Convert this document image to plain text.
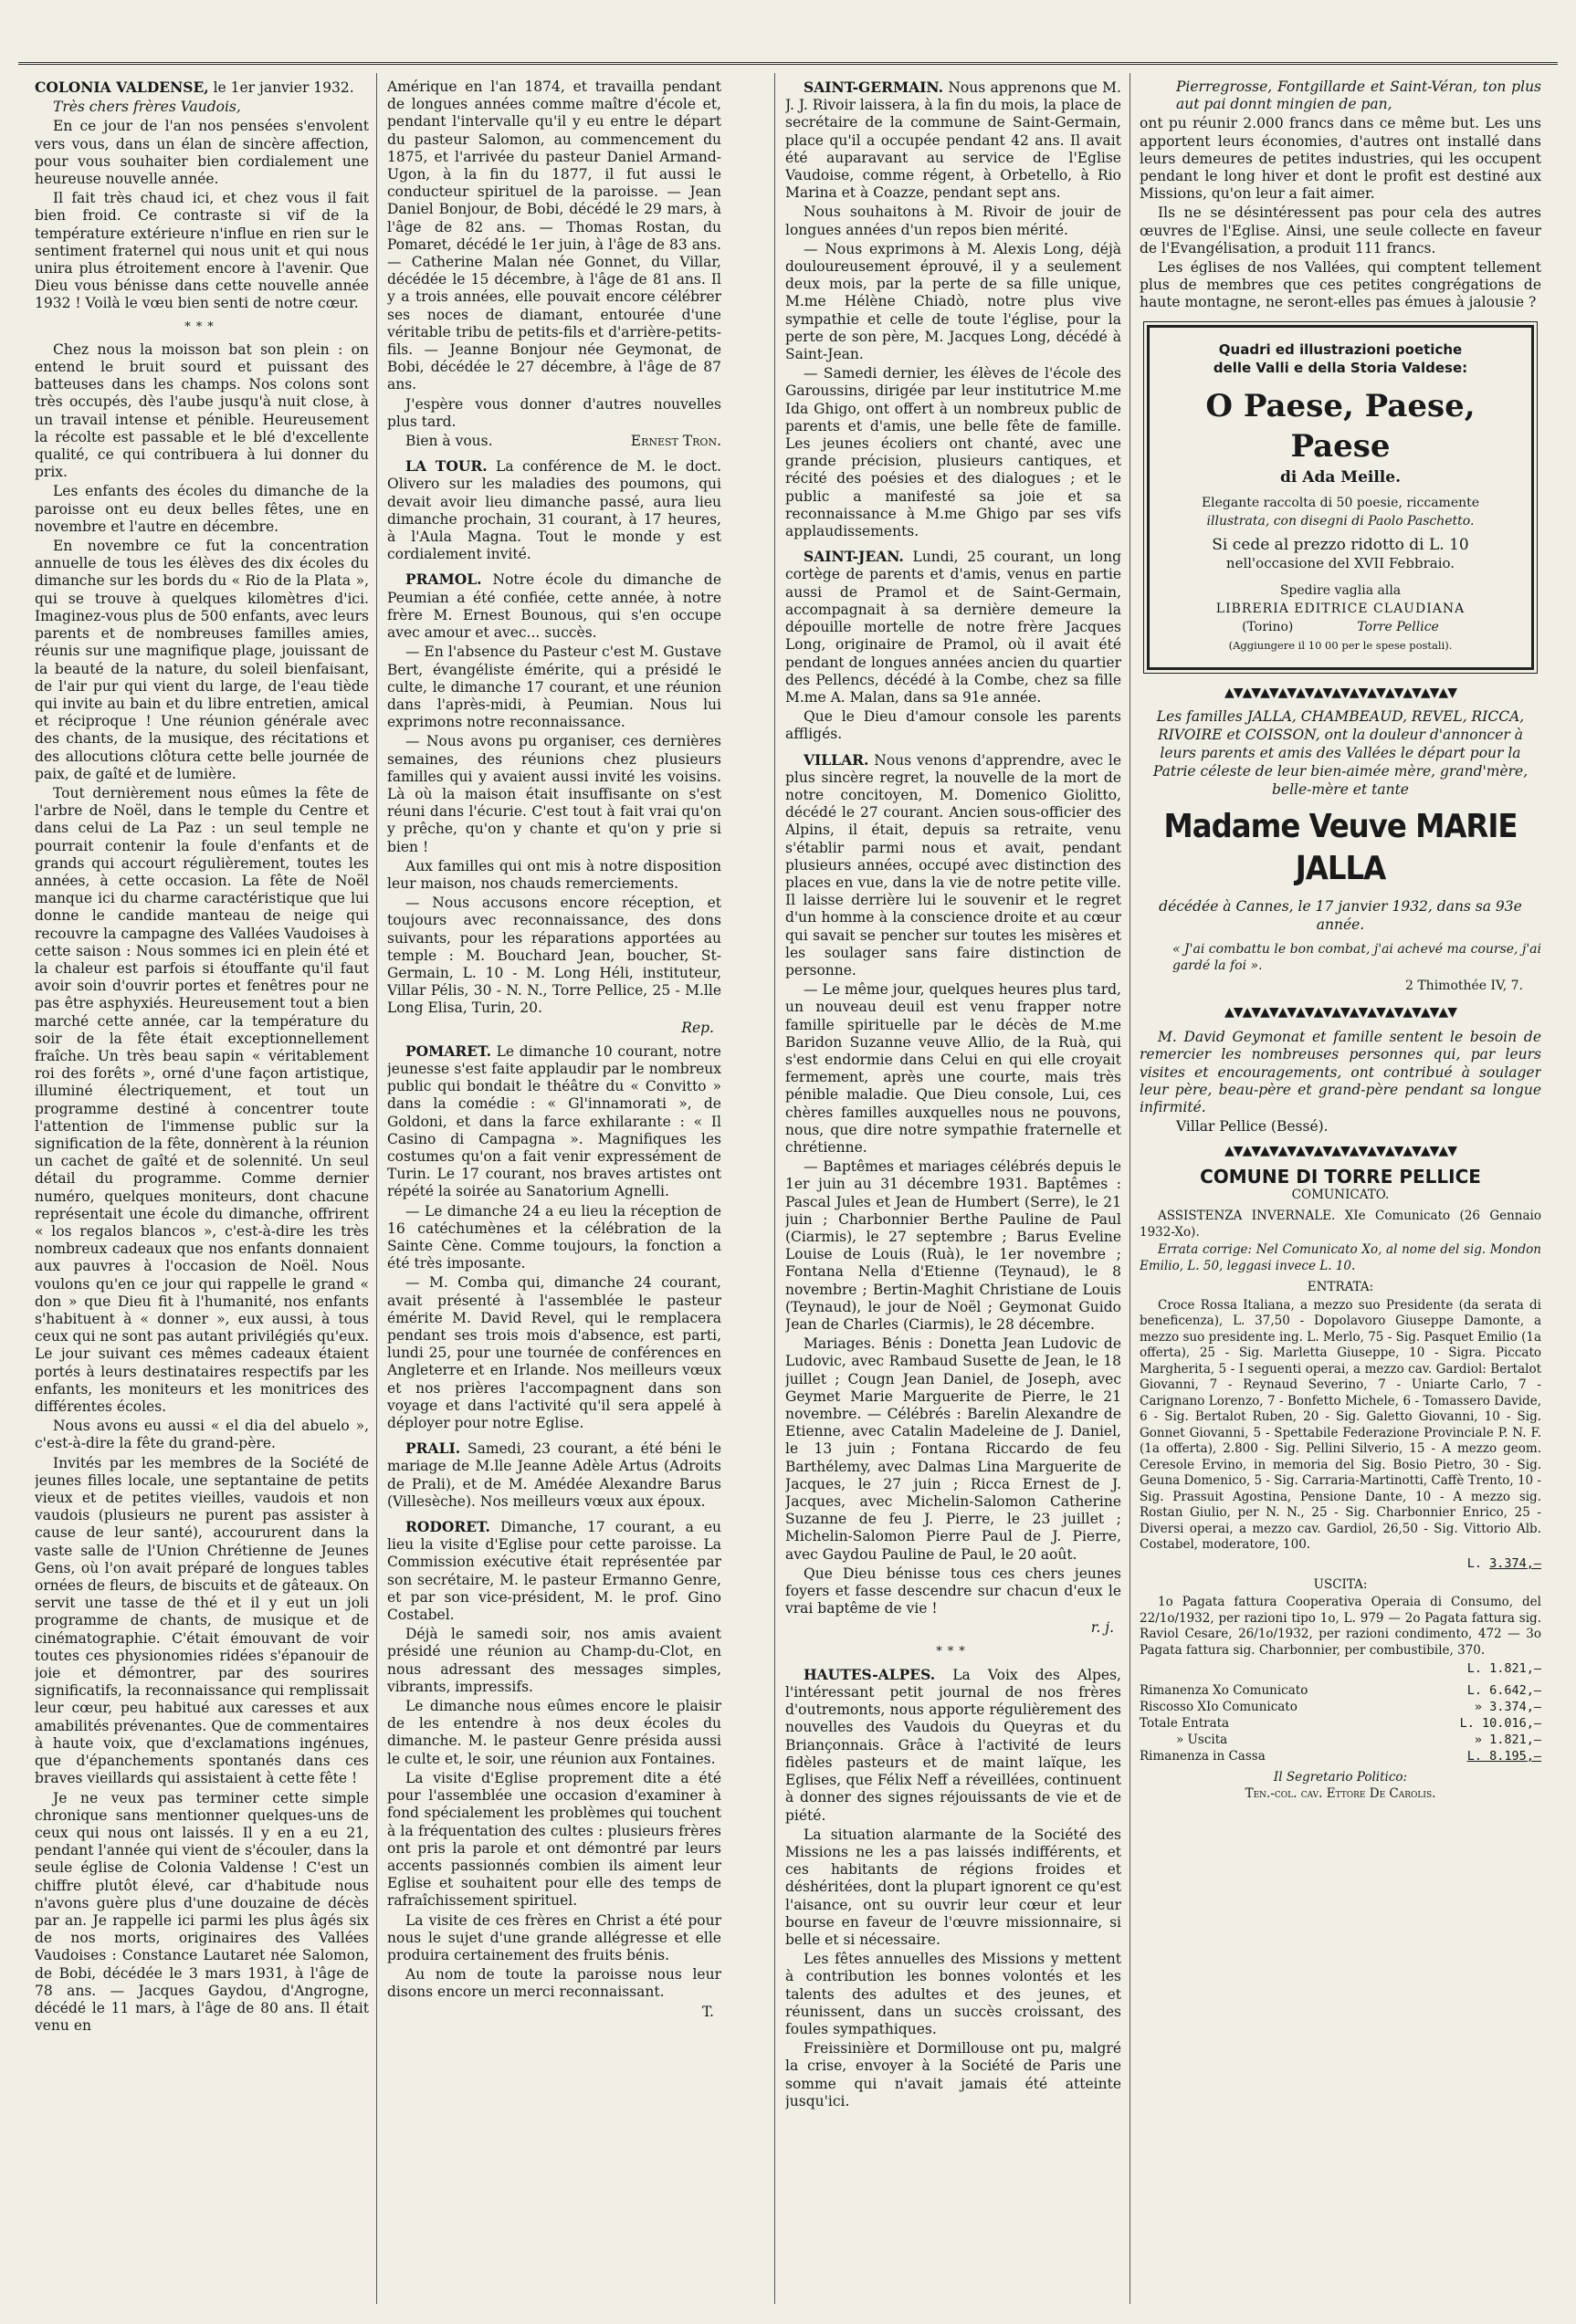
COLONIA VALDENSE, le 1er janvier 1932.

Très chers frères Vaudois,

En ce jour de l'an nos pensées s'envolent vers vous, dans un élan de sincère affection, pour vous souhaiter bien cordialement une heureuse nouvelle année.

Il fait très chaud ici, et chez vous il fait bien froid. Ce contraste si vif de la température extérieure n'influe en rien sur le sentiment fraternel qui nous unit et qui nous unira plus étroitement encore à l'avenir. Que Dieu vous bénisse dans cette nouvelle année 1932 ! Voilà le vœu bien senti de notre cœur.

***

Chez nous la moisson bat son plein : on entend le bruit sourd et puissant des batteuses dans les champs. Nos colons sont très occupés, dès l'aube jusqu'à nuit close, à un travail intense et pénible. Heureusement la récolte est passable et le blé d'excellente qualité, ce qui contribuera à lui donner du prix.

Les enfants des écoles du dimanche de la paroisse ont eu deux belles fêtes, une en novembre et l'autre en décembre.

En novembre ce fut la concentration annuelle de tous les élèves des dix écoles du dimanche sur les bords du « Rio de la Plata », qui se trouve à quelques kilomètres d'ici. Imaginez-vous plus de 500 enfants, avec leurs parents et de nombreuses familles amies, réunis sur une magnifique plage, jouissant de la beauté de la nature, du soleil bienfaisant, de l'air pur qui vient du large, de l'eau tiède qui invite au bain et du libre entretien, amical et réciproque ! Une réunion générale avec des chants, de la musique, des récitations et des allocutions clôtura cette belle journée de paix, de gaîté et de lumière.

Tout dernièrement nous eûmes la fête de l'arbre de Noël, dans le temple du Centre et dans celui de La Paz : un seul temple ne pourrait contenir la foule d'enfants et de grands qui accourt régulièrement, toutes les années, à cette occasion. La fête de Noël manque ici du charme caractéristique que lui donne le candide manteau de neige qui recouvre la campagne des Vallées Vaudoises à cette saison : Nous sommes ici en plein été et la chaleur est parfois si étouffante qu'il faut avoir soin d'ouvrir portes et fenêtres pour ne pas être asphyxiés. Heureusement tout a bien marché cette année, car la température du soir de la fête était exceptionnellement fraîche. Un très beau sapin « véritablement roi des forêts », orné d'une façon artistique, illuminé électriquement, et tout un programme destiné à concentrer toute l'attention de l'immense public sur la signification de la fête, donnèrent à la réunion un cachet de gaîté et de solennité. Un seul détail du programme. Comme dernier numéro, quelques moniteurs, dont chacune représentait une école du dimanche, offrirent « los regalos blancos », c'est-à-dire les très nombreux cadeaux que nos enfants donnaient aux pauvres à l'occasion de Noël. Nous voulons qu'en ce jour qui rappelle le grand « don » que Dieu fit à l'humanité, nos enfants s'habituent à « donner », eux aussi, à tous ceux qui ne sont pas autant privilégiés qu'eux. Le jour suivant ces mêmes cadeaux étaient portés à leurs destinataires respectifs par les enfants, les moniteurs et les monitrices des différentes écoles.

Nous avons eu aussi « el dia del abuelo », c'est-à-dire la fête du grand-père.

Invités par les membres de la Société de jeunes filles locale, une septantaine de petits vieux et de petites vieilles, vaudois et non vaudois (plusieurs ne purent pas assister à cause de leur santé), accoururent dans la vaste salle de l'Union Chrétienne de Jeunes Gens, où l'on avait préparé de longues tables ornées de fleurs, de biscuits et de gâteaux. On servit une tasse de thé et il y eut un joli programme de chants, de musique et de cinématographie. C'était émouvant de voir toutes ces physionomies ridées s'épanouir de joie et démontrer, par des sourires significatifs, la reconnaissance qui remplissait leur cœur, peu habitué aux caresses et aux amabilités prévenantes. Que de commentaires à haute voix, que d'exclamations ingénues, que d'épanchements spontanés dans ces braves vieillards qui assistaient à cette fête !

Je ne veux pas terminer cette simple chronique sans mentionner quelques-uns de ceux qui nous ont laissés. Il y en a eu 21, pendant l'année qui vient de s'écouler, dans la seule église de Colonia Valdense ! C'est un chiffre plutôt élevé, car d'habitude nous n'avons guère plus d'une douzaine de décès par an. Je rappelle ici parmi les plus âgés six de nos morts, originaires des Vallées Vaudoises : Constance Lautaret née Salomon, de Bobi, décédée le 3 mars 1931, à l'âge de 78 ans. — Jacques Gaydou, d'Angrogne, décédé le 11 mars, à l'âge de 80 ans. Il était venu en

Amérique en l'an 1874, et travailla pendant de longues années comme maître d'école et, pendant l'intervalle qu'il y eu entre le départ du pasteur Salomon, au commencement du 1875, et l'arrivée du pasteur Daniel Armand-Ugon, à la fin du 1877, il fut aussi le conducteur spirituel de la paroisse. — Jean Daniel Bonjour, de Bobi, décédé le 29 mars, à l'âge de 82 ans. — Thomas Rostan, du Pomaret, décédé le 1er juin, à l'âge de 83 ans. — Catherine Malan née Gonnet, du Villar, décédée le 15 décembre, à l'âge de 81 ans. Il y a trois années, elle pouvait encore célébrer ses noces de diamant, entourée d'une véritable tribu de petits-fils et d'arrière-petits-fils. — Jeanne Bonjour née Geymonat, de Bobi, décédée le 27 décembre, à l'âge de 87 ans.

J'espère vous donner d'autres nouvelles plus tard.

Bien à vous.	Ernest Tron.

LA TOUR. La conférence de M. le doct. Olivero sur les maladies des poumons, qui devait avoir lieu dimanche passé, aura lieu dimanche prochain, 31 courant, à 17 heures, à l'Aula Magna. Tout le monde y est cordialement invité.

PRAMOL. Notre école du dimanche de Peumian a été confiée, cette année, à notre frère M. Ernest Bounous, qui s'en occupe avec amour et avec... succès.

— En l'absence du Pasteur c'est M. Gustave Bert, évangéliste émérite, qui a présidé le culte, le dimanche 17 courant, et une réunion dans l'après-midi, à Peumian. Nous lui exprimons notre reconnaissance.

— Nous avons pu organiser, ces dernières semaines, des réunions chez plusieurs familles qui y avaient aussi invité les voisins. Là où la maison était insuffisante on s'est réuni dans l'écurie. C'est tout à fait vrai qu'on y prêche, qu'on y chante et qu'on y prie si bien !

Aux familles qui ont mis à notre disposition leur maison, nos chauds remerciements.

— Nous accusons encore réception, et toujours avec reconnaissance, des dons suivants, pour les réparations apportées au temple : M. Bouchard Jean, boucher, St-Germain, L. 10 - M. Long Héli, instituteur, Villar Pélis, 30 - N. N., Torre Pellice, 25 - M.lle Long Elisa, Turin, 20.

Rep.

POMARET. Le dimanche 10 courant, notre jeunesse s'est faite applaudir par le nombreux public qui bondait le théâtre du « Convitto » dans la comédie : « Gl'innamorati », de Goldoni, et dans la farce exhilarante : « Il Casino di Campagna ». Magnifiques les costumes qu'on a fait venir expressément de Turin. Le 17 courant, nos braves artistes ont répété la soirée au Sanatorium Agnelli.

— Le dimanche 24 a eu lieu la réception de 16 catéchumènes et la célébration de la Sainte Cène. Comme toujours, la fonction a été très imposante.

— M. Comba qui, dimanche 24 courant, avait présenté à l'assemblée le pasteur émérite M. David Revel, qui le remplacera pendant ses trois mois d'absence, est parti, lundi 25, pour une tournée de conférences en Angleterre et en Irlande. Nos meilleurs vœux et nos prières l'accompagnent dans son voyage et dans l'activité qu'il sera appelé à déployer pour notre Eglise.

PRALI. Samedi, 23 courant, a été béni le mariage de M.lle Jeanne Adèle Artus (Adroits de Prali), et de M. Amédée Alexandre Barus (Villesèche). Nos meilleurs vœux aux époux.

RODORET. Dimanche, 17 courant, a eu lieu la visite d'Eglise pour cette paroisse. La Commission exécutive était représentée par son secrétaire, M. le pasteur Ermanno Genre, et par son vice-président, M. le prof. Gino Costabel.

Déjà le samedi soir, nos amis avaient présidé une réunion au Champ-du-Clot, en nous adressant des messages simples, vibrants, impressifs.

Le dimanche nous eûmes encore le plaisir de les entendre à nos deux écoles du dimanche. M. le pasteur Genre présida aussi le culte et, le soir, une réunion aux Fontaines.

La visite d'Eglise proprement dite a été pour l'assemblée une occasion d'examiner à fond spécialement les problèmes qui touchent à la fréquentation des cultes : plusieurs frères ont pris la parole et ont démontré par leurs accents passionnés combien ils aiment leur Eglise et souhaitent pour elle des temps de rafraîchissement spirituel.

La visite de ces frères en Christ a été pour nous le sujet d'une grande allégresse et elle produira certainement des fruits bénis.

Au nom de toute la paroisse nous leur disons encore un merci reconnaissant.

T.

SAINT-GERMAIN. Nous apprenons que M. J. J. Rivoir laissera, à la fin du mois, la place de secrétaire de la commune de Saint-Germain, place qu'il a occupée pendant 42 ans. Il avait été auparavant au service de l'Eglise Vaudoise, comme régent, à Orbetello, à Rio Marina et à Coazze, pendant sept ans.

Nous souhaitons à M. Rivoir de jouir de longues années d'un repos bien mérité.

— Nous exprimons à M. Alexis Long, déjà douloureusement éprouvé, il y a seulement deux mois, par la perte de sa fille unique, M.me Hélène Chiadò, notre plus vive sympathie et celle de toute l'église, pour la perte de son père, M. Jacques Long, décédé à Saint-Jean.

— Samedi dernier, les élèves de l'école des Garoussins, dirigée par leur institutrice M.me Ida Ghigo, ont offert à un nombreux public de parents et d'amis, une belle fête de famille. Les jeunes écoliers ont chanté, avec une grande précision, plusieurs cantiques, et récité des poésies et des dialogues ; et le public a manifesté sa joie et sa reconnaissance à M.me Ghigo par ses vifs applaudissements.

SAINT-JEAN. Lundi, 25 courant, un long cortège de parents et d'amis, venus en partie aussi de Pramol et de Saint-Germain, accompagnait à sa dernière demeure la dépouille mortelle de notre frère Jacques Long, originaire de Pramol, où il avait été pendant de longues années ancien du quartier des Pellencs, décédé à la Combe, chez sa fille M.me A. Malan, dans sa 91e année.

Que le Dieu d'amour console les parents affligés.

VILLAR. Nous venons d'apprendre, avec le plus sincère regret, la nouvelle de la mort de notre concitoyen, M. Domenico Giolitto, décédé le 27 courant. Ancien sous-officier des Alpins, il était, depuis sa retraite, venu s'établir parmi nous et avait, pendant plusieurs années, occupé avec distinction des places en vue, dans la vie de notre petite ville. Il laisse derrière lui le souvenir et le regret d'un homme à la conscience droite et au cœur qui savait se pencher sur toutes les misères et les soulager sans faire distinction de personne.

— Le même jour, quelques heures plus tard, un nouveau deuil est venu frapper notre famille spirituelle par le décès de M.me Baridon Suzanne veuve Allio, de la Ruà, qui s'est endormie dans Celui en qui elle croyait fermement, après une courte, mais très pénible maladie. Que Dieu console, Lui, ces chères familles auxquelles nous ne pouvons, nous, que dire notre sympathie fraternelle et chrétienne.

— Baptêmes et mariages célébrés depuis le 1er juin au 31 décembre 1931. Baptêmes : Pascal Jules et Jean de Humbert (Serre), le 21 juin ; Charbonnier Berthe Pauline de Paul (Ciarmis), le 27 septembre ; Barus Eveline Louise de Louis (Ruà), le 1er novembre ; Fontana Nella d'Etienne (Teynaud), le 8 novembre ; Bertin-Maghit Christiane de Louis (Teynaud), le jour de Noël ; Geymonat Guido Jean de Charles (Ciarmis), le 28 décembre.

Mariages. Bénis : Donetta Jean Ludovic de Ludovic, avec Rambaud Susette de Jean, le 18 juillet ; Cougn Jean Daniel, de Joseph, avec Geymet Marie Marguerite de Pierre, le 21 novembre. — Célébrés : Barelin Alexandre de Etienne, avec Catalin Madeleine de J. Daniel, le 13 juin ; Fontana Riccardo de feu Barthélemy, avec Dalmas Lina Marguerite de Jacques, le 27 juin ; Ricca Ernest de J. Jacques, avec Michelin-Salomon Catherine Suzanne de feu J. Pierre, le 23 juillet ; Michelin-Salomon Pierre Paul de J. Pierre, avec Gaydou Pauline de Paul, le 20 août.

Que Dieu bénisse tous ces chers jeunes foyers et fasse descendre sur chacun d'eux le vrai baptême de vie !

r. j.
***

HAUTES-ALPES. La Voix des Alpes, l'intéressant petit journal de nos frères d'outremonts, nous apporte régulièrement des nouvelles des Vaudois du Queyras et du Briançonnais. Grâce à l'activité de leurs fidèles pasteurs et de maint laïque, les Eglises, que Félix Neff a réveillées, continuent à donner des signes réjouissants de vie et de piété.

La situation alarmante de la Société des Missions ne les a pas laissés indifférents, et ces habitants de régions froides et déshéritées, dont la plupart ignorent ce qu'est l'aisance, ont su ouvrir leur cœur et leur bourse en faveur de l'œuvre missionnaire, si belle et si nécessaire.

Les fêtes annuelles des Missions y mettent à contribution les bonnes volontés et les talents des adultes et des jeunes, et réunissent, dans un succès croissant, des foules sympathiques.

Freissinière et Dormillouse ont pu, malgré la crise, envoyer à la Société de Paris une somme qui n'avait jamais été atteinte jusqu'ici.

Pierregrosse, Fontgillarde et Saint-Véran, ton plus aut pai donnt mingien de pan,

ont pu réunir 2.000 francs dans ce même but. Les uns apportent leurs économies, d'autres ont installé dans leurs demeures de petites industries, qui les occupent pendant le long hiver et dont le profit est destiné aux Missions, qu'on leur a fait aimer.

Ils ne se désintéressent pas pour cela des autres œuvres de l'Eglise. Ainsi, une seule collecte en faveur de l'Evangélisation, a produit 111 francs.

Les églises de nos Vallées, qui comptent tellement plus de membres que ces petites congrégations de haute montagne, ne seront-elles pas émues à jalousie ?

Quadri ed illustrazioni poetiche
delle Valli e della Storia Valdese:
O Paese, Paese, Paese
di Ada Meille.
Elegante raccolta di 50 poesie, riccamente
illustrata, con disegni di Paolo Paschetto.
Si cede al prezzo ridotto di L. 10
nell'occasione del XVII Febbraio.
Spedire vaglia alla
LIBRERIA EDITRICE CLAUDIANA
(Torino)	Torre Pellice
(Aggiungere il 10 00 per le spese postali).
▲▼▲▼▲▼▲▼▲▼▲▼▲▼▲▼▲▼▲▼▲▼▲▼▲▼
Les familles JALLA, CHAMBEAUD, REVEL, RICCA, RIVOIRE et COISSON, ont la douleur d'annoncer à leurs parents et amis des Vallées le départ pour la Patrie céleste de leur bien-aimée mère, grand'mère, belle-mère et tante
Madame Veuve MARIE JALLA
décédée à Cannes, le 17 janvier 1932, dans sa 93e année.
« J'ai combattu le bon combat, j'ai achevé ma course, j'ai gardé la foi ».
2 Thimothée IV, 7.
▲▼▲▼▲▼▲▼▲▼▲▼▲▼▲▼▲▼▲▼▲▼▲▼▲▼

M. David Geymonat et famille sentent le besoin de remercier les nombreuses personnes qui, par leurs visites et encouragements, ont contribué à soulager leur père, beau-père et grand-père pendant sa longue infirmité.

Villar Pellice (Bessé).

▲▼▲▼▲▼▲▼▲▼▲▼▲▼▲▼▲▼▲▼▲▼▲▼▲▼
COMUNE DI TORRE PELLICE
COMUNICATO.

ASSISTENZA INVERNALE. XIe Comunicato (26 Gennaio 1932-Xo).

Errata corrige: Nel Comunicato Xo, al nome del sig. Mondon Emilio, L. 50, leggasi invece L. 10.

ENTRATA:

Croce Rossa Italiana, a mezzo suo Presidente (da serata di beneficenza), L. 37,50 - Dopolavoro Giuseppe Damonte, a mezzo suo presidente ing. L. Merlo, 75 - Sig. Pasquet Emilio (1a offerta), 25 - Sig. Marletta Giuseppe, 10 - Sigra. Piccato Margherita, 5 - I seguenti operai, a mezzo cav. Gardiol: Bertalot Giovanni, 7 - Reynaud Severino, 7 - Uniarte Carlo, 7 - Carignano Lorenzo, 7 - Bonfetto Michele, 6 - Tomassero Davide, 6 - Sig. Bertalot Ruben, 20 - Sig. Galetto Giovanni, 10 - Sig. Gonnet Giovanni, 5 - Spettabile Federazione Provinciale P. N. F. (1a offerta), 2.800 - Sig. Pellini Silverio, 15 - A mezzo geom. Ceresole Ervino, in memoria del Sig. Bosio Pietro, 30 - Sig. Geuna Domenico, 5 - Sig. Carraria-Martinotti, Caffè Trento, 10 - Sig. Prassuit Agostina, Pensione Dante, 10 - A mezzo sig. Rostan Giulio, per N. N., 25 - Sig. Charbonnier Enrico, 25 - Diversi operai, a mezzo cav. Gardiol, 26,50 - Sig. Vittorio Alb. Costabel, moderatore, 100.

L. 3.374,—
USCITA:

1o Pagata fattura Cooperativa Operaia di Consumo, del 22/1o/1932, per razioni tipo 1o, L. 979 — 2o Pagata fattura sig. Raviol Cesare, 26/1o/1932, per razioni condimento, 472 — 3o Pagata fattura sig. Charbonnier, per combustibile, 370.

L. 1.821,—
Rimanenza Xo Comunicato	L. 6.642,—
Riscosso XIo Comunicato	» 3.374,—
Totale Entrata	L. 10.016,—
» Uscita	» 1.821,—
Rimanenza in Cassa	L. 8.195,—
Il Segretario Politico:
Ten.-col. cav. Ettore De Carolis.
